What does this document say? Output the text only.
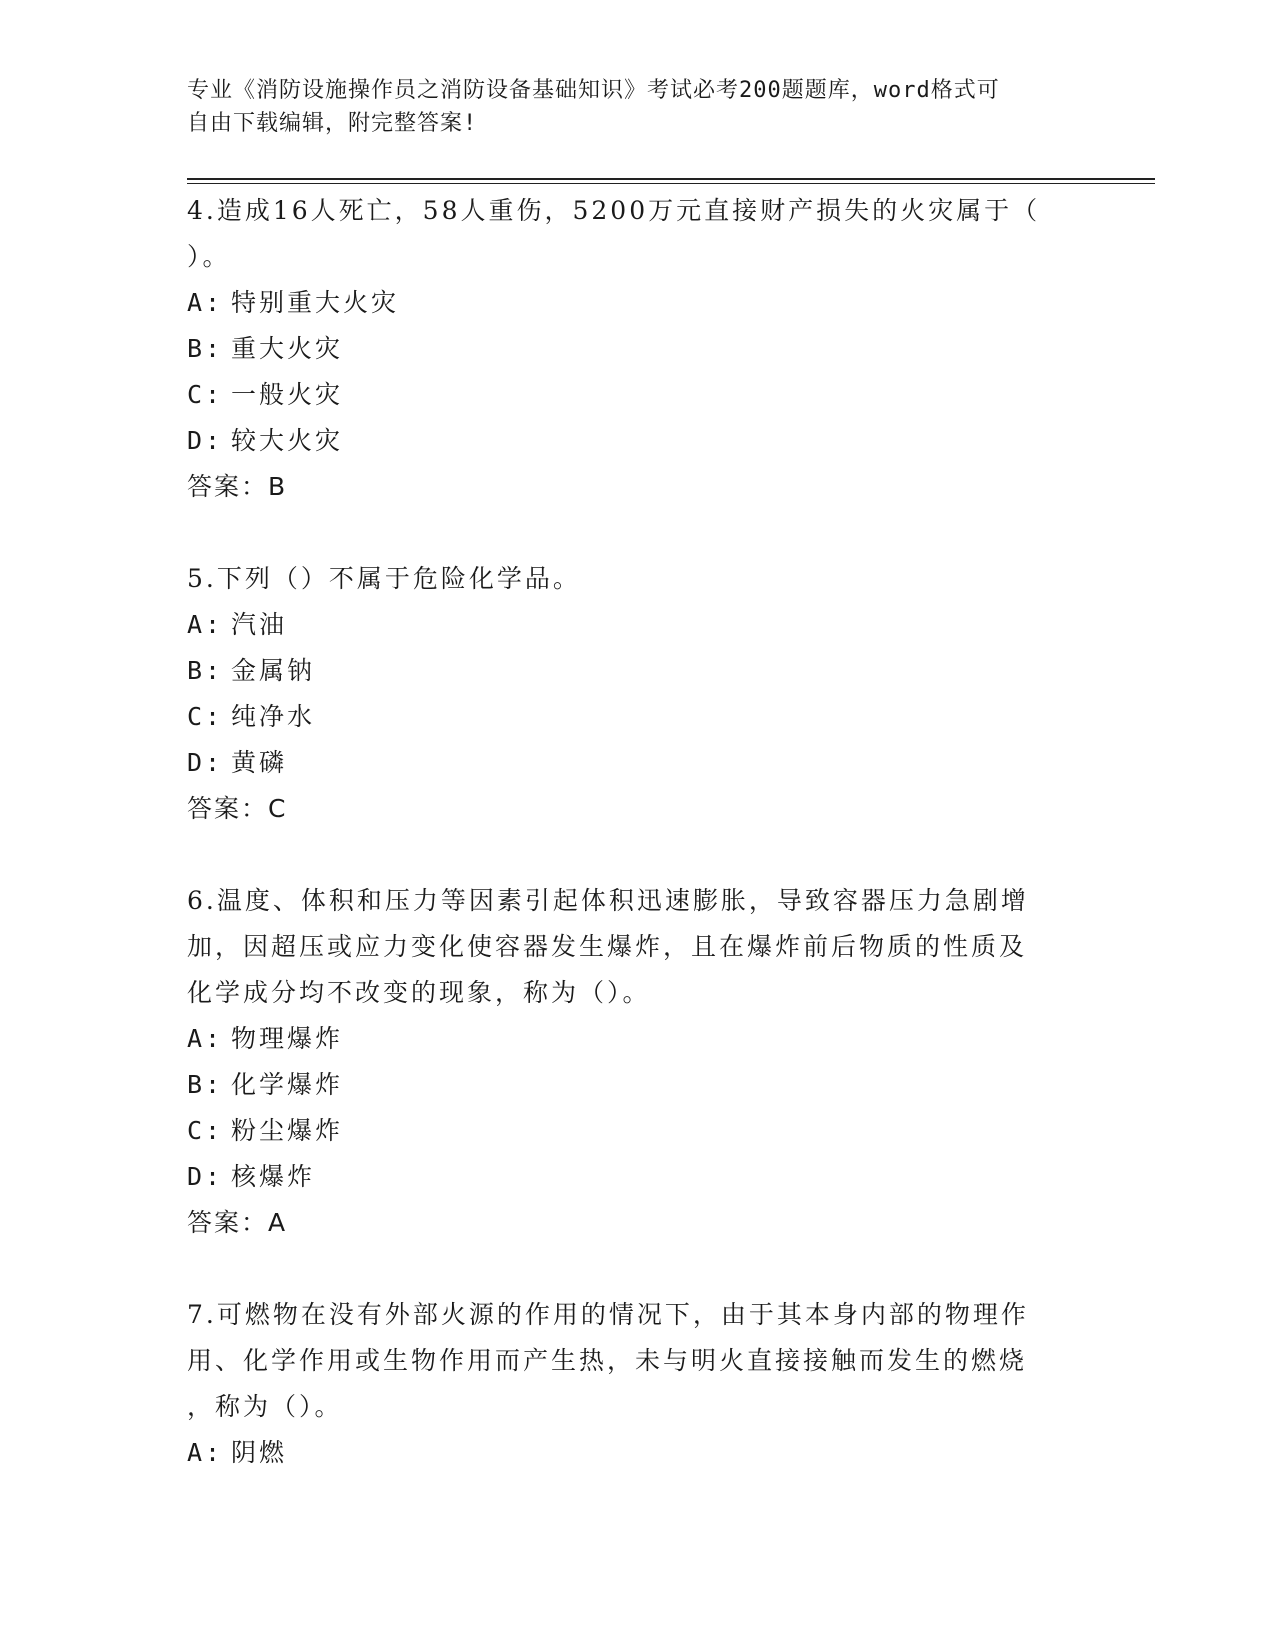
专业《消防设施操作员之消防设备基础知识》考试必考200题题库，word格式可
自由下载编辑，附完整答案!
4.造成16人死亡，58人重伤，5200万元直接财产损失的火灾属于（
）。
A: 特别重大火灾
B: 重大火灾
C: 一般火灾
D: 较大火灾
答案：B
5.下列（）不属于危险化学品。
A: 汽油
B: 金属钠
C: 纯净水
D: 黄磷
答案：C
6.温度、体积和压力等因素引起体积迅速膨胀，导致容器压力急剧增
加，因超压或应力变化使容器发生爆炸，且在爆炸前后物质的性质及
化学成分均不改变的现象，称为（）。
A: 物理爆炸
B: 化学爆炸
C: 粉尘爆炸
D: 核爆炸
答案：A
7.可燃物在没有外部火源的作用的情况下，由于其本身内部的物理作
用、化学作用或生物作用而产生热，未与明火直接接触而发生的燃烧
，称为（）。
A: 阴燃
